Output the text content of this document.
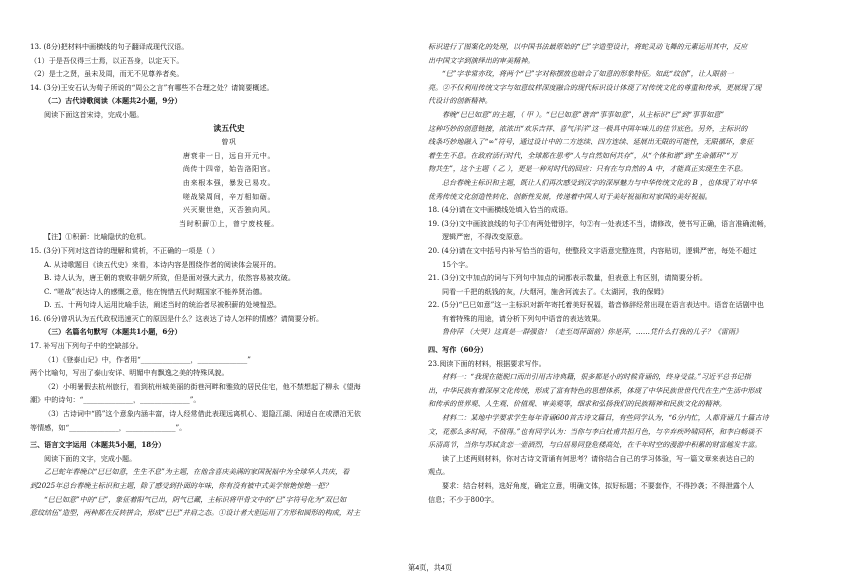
13. (8分)把材料中画横线的句子翻译成现代汉语。

（1）于是吾仪得三士焉，以正吾身，以定天下。

（2）是士之贤，虽未及周，而无不见尊养者矣。

14. (3分)王安石认为荀子所说的“周公之言”有哪些不合理之处？请简要概述。

（二）古代诗歌阅读（本题共2小题，9分）

阅读下面这首宋诗，完成小题。

读五代史

曾巩

唐衰非一日，远自开元中。

尚传十四帝，始告洛阳宫。

由来根本强，暴发已易攻。

嗟战梁周间，辛万相如砺。

兴灭聚世绝，灭否独向风。

当时积薪①上，曾宁废枝桠。

【注】①积薪：比喻隐伏的危机。

15. (3分)下列对这首诗的理解和赏析，不正确的一项是（ ）

A. 从诗歌题目《读五代史》来看，本诗内容是围绕作者的阅读体会展开的。

B. 诗人认为，唐王朝的衰败非朝夕所致，但是面对强大武力，依然容易被攻破。

C. “嗟战”表达诗人的感慨之意，他在惋惜五代时期国家不能养贤治德。

D. 五、十两句诗人运用比喻手法，阐述当时的统治者尽被积薪的处境惶恐。

16. (6分)曾巩认为五代政权迅速灭亡的原因是什么？这表达了诗人怎样的情感？请简要分析。

（三）名篇名句默写（本题共1小题，6分）

17. 补写出下列句子中的空缺部分。

（1）《登泰山记》中，作者用“______________，______________”

两个比喻句，写出了泰山安详、明媚中有飘逸之美的特殊风貌。

（2）小明暑假去杭州旅行，看到杭州城美丽的街巷河畔和雅致的居民住宅，他不禁想起了柳永《望海

潮》中的诗句：“______________，______________”。

（3）古诗词中“鸥”这个意象内涵丰富，诗人经常借此表现远离机心、退隐江湖、闲适自在或漂泊无依

等情感，如“______________，______________”。

三、语言文字运用（本题共5小题，18分）

阅读下面的文字，完成小题。

乙巳蛇年春晚以“巳巳如意，生生不息”为主题，在他含喜庆美满的家国祝福中为全球华人共庆，看

到2025年总台春晚主标识和主题，除了感受到扑面的年味，你有没有被中式美学惊艳惊艳一把？

“巳巳如意”中的“巳”，象征着阳气已出，阴气已藏，主标识将甲骨文中的“巳”字符号化为“双巳如

意纹结伍”造型，两种都在反转拼合，形成“巳巳”并肩之态。①设计者大胆运用了方形和圆形的构成，对主

标识进行了图案化的处理，以中国书法最原始的“巳”字造型设计，将蛇灵动飞舞的元素运用其中，反应

出中国文字到演绎出的审美精神。

“巳”字非常亦玫，将两个“巳”字对称摆放也暗合了如意的形象特征。如此“纹创”，让人眼前一

亮。②不仅利用传统文字与如意纹样深度融合的现代标识设计体现了对传统文化的尊重和传承，更展现了现

代设计的创新精神。

春晚“巳巳如意”的主题，（ 甲 ）。“巳巳如意”谐音“事事如意”，从主标识“巳”到“事事如意”

这种巧妙的创意链接，浓浓出“欢乐吉祥、喜气洋洋”这一极具中国年味儿的佳节底色。另外，主标识的

线条巧妙地融入了“∞”符号，通过设计中的二方连续、四方连续、延展出无限的可能性，无限循环，象征

着生生不息。在政府活行时代，全球都在思考“人与自然如何共存”，从“个体和谐”到“生命循环”“万

物共生”，这个主题（ 乙 ），更是一种对时代的回应：只有在与自然的 A 中，才能真正实现生生不息。

总台春晚主标识和主题，既让人们再次感受到汉字的深厚魅力与中华传统文化的 B ，也体现了对中华

优秀传统文化创造性转化、创新性发展，传递着中国人对于美好祝福和对家国的美好祝福。

18. (4分)请在文中画横线处填入恰当的成语。

19. (3分)文中画波浪线的句子①有两处错别字，句②有一处表述不当，请修改，使书写正确，语言准确流畅，

逻辑严密，不得改变原意。

20. (4分)请在文中括号内补写恰当的语句，使整段文字语意完整连贯，内容贴切，逻辑严密，每处不超过

15个字。

21. (3分)文中加点的词与下列句中加点的词都表示数量，但表意上有区别，请简要分析。

同看一千把的纸钱的灰，/大烟河，施舍河流去了。《太湖河，我的保姆》

22. (5分)“巳巳如意”这一主标识对新年寄托着美好祝福，谐音修辞经常出现在语言表达中。语音在话剧中也

有着特殊的用途，请分析下列句中语音的表达效果。

鲁侍萍 （大哭）这真是一群强盗！（走至周萍面前）你是萍，……凭什么打我的儿子？《雷雨》

四、写作（60分）

23.阅读下面的材料，根据要求写作。

材料一：“我现在能脱口而出引用古诗典籍，很多都是小的时候背诵的，终身受益。”习近平总书记指

出，中华民族有着深厚文化传统，形成了富有特色的思想体系，体现了中华民族世世代代在生产生活中形成

和传承的世界观、人生观、价值观、审美观等，细求和弘扬我们的民族精神和民族文化的精神。

材料二：某地中学要求学生每年背诵600首古诗文篇目，有些同学认为，“6分内忙，人都背诵几十篇古诗

文，花那么多时间，不值得。”也有同学认为：当你与李白杜甫共担月色，与辛弃疾吟啸同杯，和李白畅谈不

乐清高节，当你与苏轼贪恋一壶酒烈，与白居易同登危楼高处，在千年时空的漫游中积累的财富越发丰富。

读了上述两则材料，你对古诗文背诵有何思考？请你结合自己的学习体验，写一篇文章来表达自己的

观点。

要求：结合材料，选好角度，确定立意，明确文体，拟好标题；不要套作，不得抄袭；不得泄露个人

信息；不少于800字。

第4页，共4页
